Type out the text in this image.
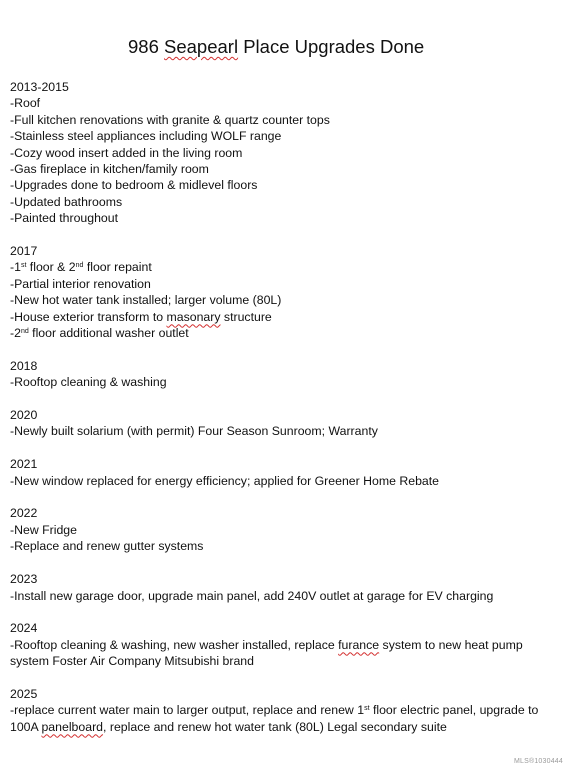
986 Seapearl Place Upgrades Done
2013-2015
-Roof
-Full kitchen renovations with granite & quartz counter tops
-Stainless steel appliances including WOLF range
-Cozy wood insert added in the living room
-Gas fireplace in kitchen/family room
-Upgrades done to bedroom & midlevel floors
-Updated bathrooms
-Painted throughout
2017
-1st floor & 2nd floor repaint
-Partial interior renovation
-New hot water tank installed; larger volume (80L)
-House exterior transform to masonary structure
-2nd floor additional washer outlet
2018
-Rooftop cleaning & washing
2020
-Newly built solarium (with permit) Four Season Sunroom; Warranty
2021
-New window replaced for energy efficiency; applied for Greener Home Rebate
2022
-New Fridge
-Replace and renew gutter systems
2023
-Install new garage door, upgrade main panel, add 240V outlet at garage for EV charging
2024
-Rooftop cleaning & washing, new washer installed, replace furance system to new heat pump system Foster Air Company Mitsubishi brand
2025
-replace current water main to larger output, replace and renew 1st floor electric panel, upgrade to 100A panelboard, replace and renew hot water tank (80L) Legal secondary suite
MLS®1030444
